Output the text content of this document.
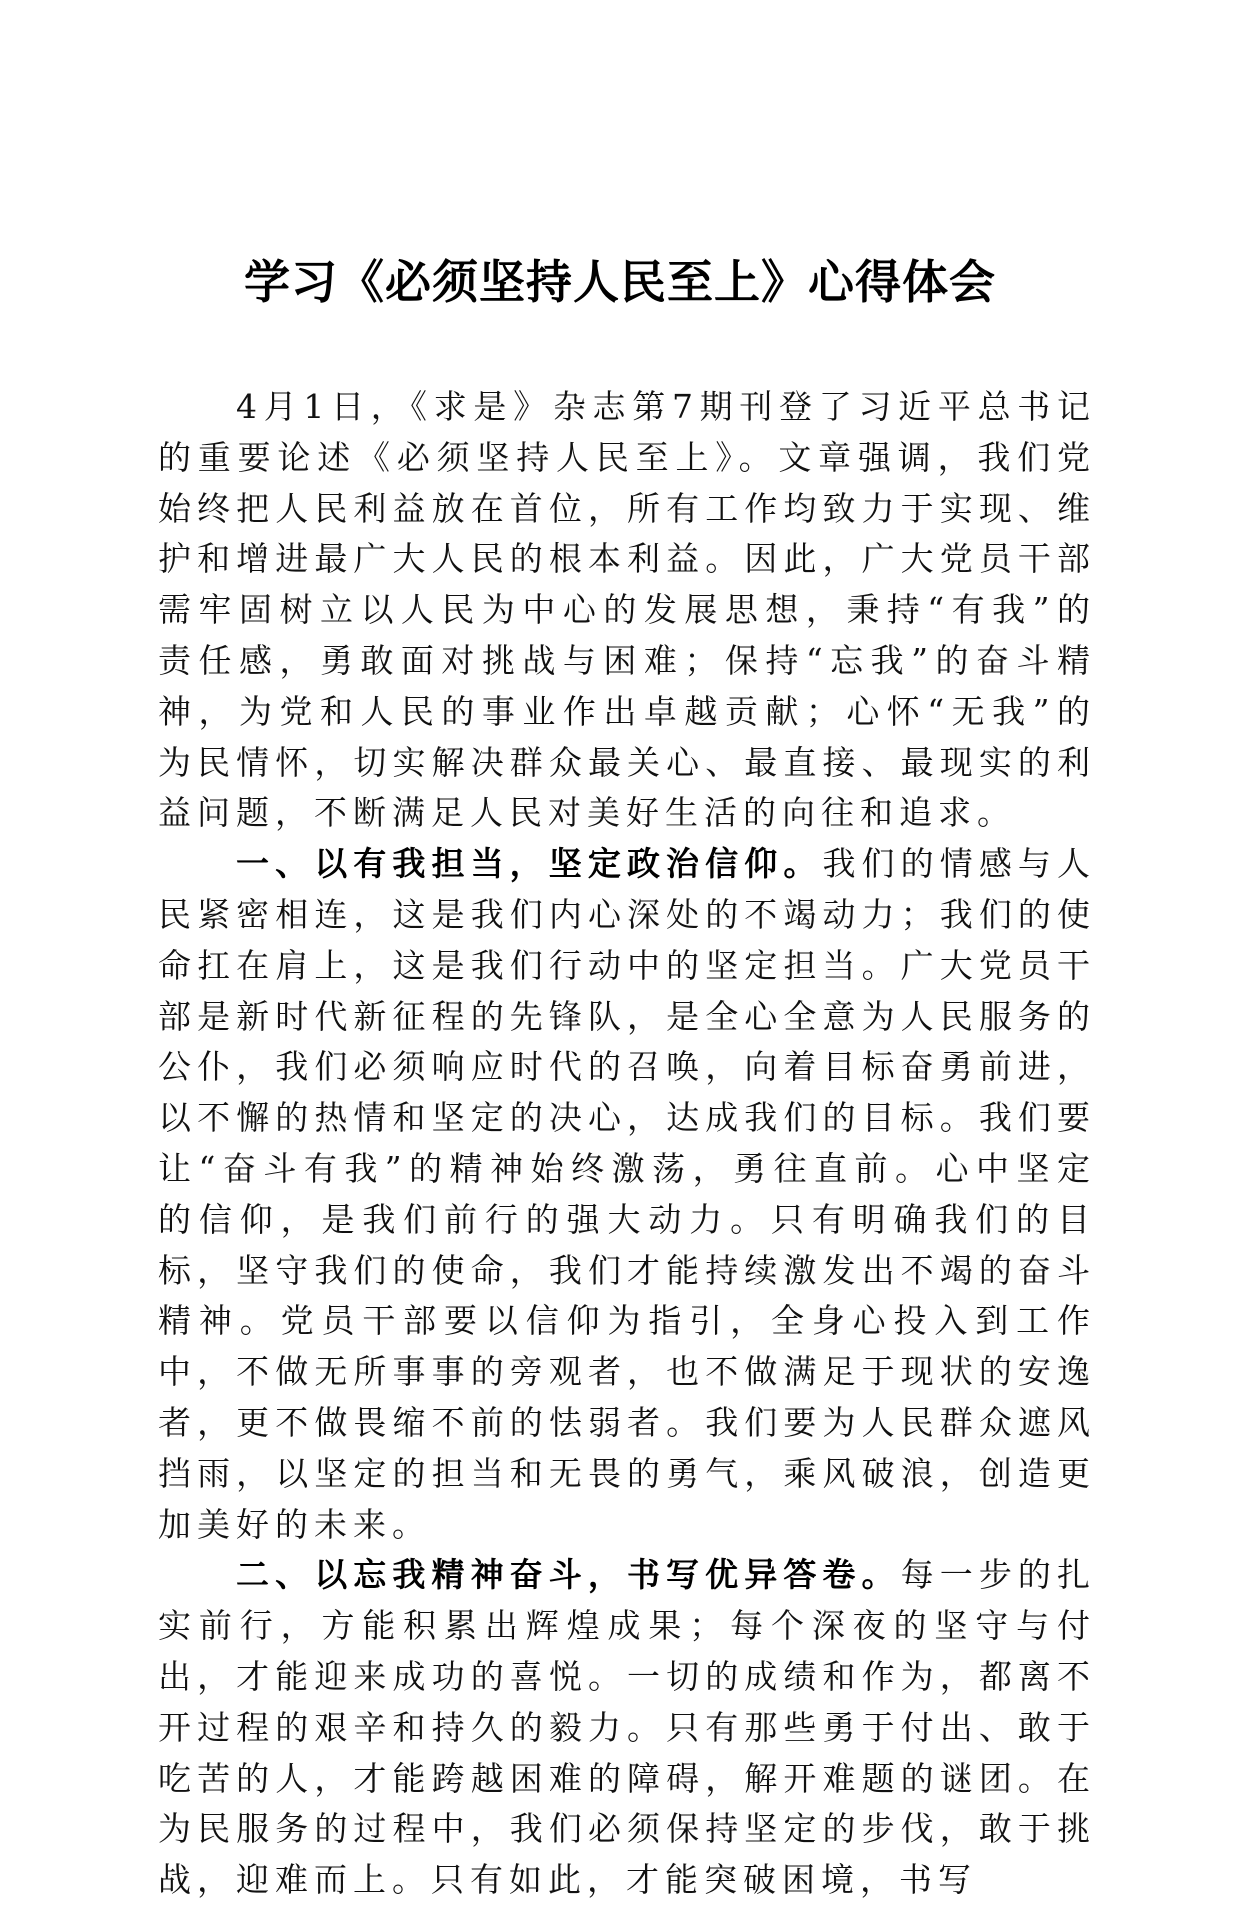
学习《必须坚持人民至上》心得体会

4月1日，《求是》杂志第7期刊登了习近平总书记的重要论述《必须坚持人民至上》。文章强调，我们党始终把人民利益放在首位，所有工作均致力于实现、维护和增进最广大人民的根本利益。因此，广大党员干部需牢固树立以人民为中心的发展思想，秉持“有我”的责任感，勇敢面对挑战与困难；保持“忘我”的奋斗精神，为党和人民的事业作出卓越贡献；心怀“无我”的为民情怀，切实解决群众最关心、最直接、最现实的利益问题，不断满足人民对美好生活的向往和追求。

一、以有我担当，坚定政治信仰。我们的情感与人民紧密相连，这是我们内心深处的不竭动力；我们的使命扛在肩上，这是我们行动中的坚定担当。广大党员干部是新时代新征程的先锋队，是全心全意为人民服务的公仆，我们必须响应时代的召唤，向着目标奋勇前进，以不懈的热情和坚定的决心，达成我们的目标。我们要让“奋斗有我”的精神始终激荡，勇往直前。心中坚定的信仰，是我们前行的强大动力。只有明确我们的目标，坚守我们的使命，我们才能持续激发出不竭的奋斗精神。党员干部要以信仰为指引，全身心投入到工作中，不做无所事事的旁观者，也不做满足于现状的安逸者，更不做畏缩不前的怯弱者。我们要为人民群众遮风挡雨，以坚定的担当和无畏的勇气，乘风破浪，创造更加美好的未来。

二、以忘我精神奋斗，书写优异答卷。每一步的扎实前行，方能积累出辉煌成果；每个深夜的坚守与付出，才能迎来成功的喜悦。一切的成绩和作为，都离不开过程的艰辛和持久的毅力。只有那些勇于付出、敢于吃苦的人，才能跨越困难的障碍，解开难题的谜团。在为民服务的过程中，我们必须保持坚定的步伐，敢于挑战，迎难而上。只有如此，才能突破困境，书写
